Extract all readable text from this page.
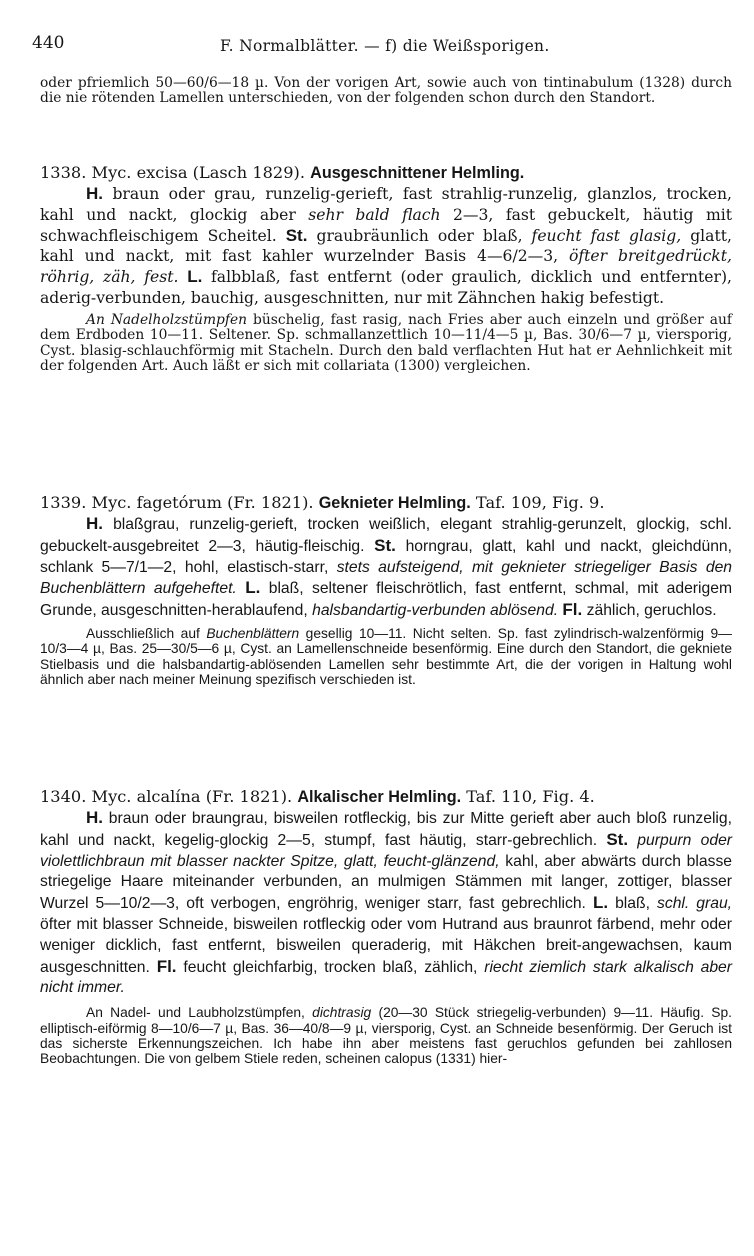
440	F. Normalblätter. — f) die Weißsporigen.

oder pfriemlich 50—60/6—18 µ. Von der vorigen Art, sowie auch von tintinabulum (1328) durch die nie rötenden Lamellen unterschieden, von der folgenden schon durch den Standort.

1338. Myc. excisa (Lasch 1829). Ausgeschnittener Helmling.

H. braun oder grau, runzelig-gerieft, fast strahlig-runzelig, glanzlos, trocken, kahl und nackt, glockig aber sehr bald flach 2—3, fast gebuckelt, häutig mit schwachfleischigem Scheitel. St. graubräunlich oder blaß, feucht fast glasig, glatt, kahl und nackt, mit fast kahler wurzelnder Basis 4—6/2—3, öfter breitgedrückt, röhrig, zäh, fest. L. falbblaß, fast entfernt (oder graulich, dicklich und entfernter), aderig-verbunden, bauchig, ausgeschnitten, nur mit Zähnchen hakig befestigt.

An Nadelholzstümpfen büschelig, fast rasig, nach Fries aber auch einzeln und größer auf dem Erdboden 10—11. Seltener. Sp. schmallanzettlich 10—11/4—5 µ, Bas. 30/6—7 µ, viersporig, Cyst. blasig-schlauchförmig mit Stacheln. Durch den bald verflachten Hut hat er Aehnlichkeit mit der folgenden Art. Auch läßt er sich mit collariata (1300) vergleichen.

1339. Myc. fagetórum (Fr. 1821). Geknieter Helmling. Taf. 109, Fig. 9.

H. blaßgrau, runzelig-gerieft, trocken weißlich, elegant strahlig-gerunzelt, glockig, schl. gebuckelt-ausgebreitet 2—3, häutig-fleischig. St. horngrau, glatt, kahl und nackt, gleichdünn, schlank 5—7/1—2, hohl, elastisch-starr, stets aufsteigend, mit geknieter striegeliger Basis den Buchenblättern aufgeheftet. L. blaß, seltener fleischrötlich, fast entfernt, schmal, mit aderigem Grunde, ausgeschnitten-herablaufend, halsbandartig-verbunden ablösend. Fl. zählich, geruchlos.

Ausschließlich auf Buchenblättern gesellig 10—11. Nicht selten. Sp. fast zylindrisch-walzenförmig 9—10/3—4 µ, Bas. 25—30/5—6 µ, Cyst. an Lamellenschneide besenförmig. Eine durch den Standort, die gekniete Stielbasis und die halsbandartig-ablösenden Lamellen sehr bestimmte Art, die der vorigen in Haltung wohl ähnlich aber nach meiner Meinung spezifisch verschieden ist.

1340. Myc. alcalína (Fr. 1821). Alkalischer Helmling. Taf. 110, Fig. 4.

H. braun oder braungrau, bisweilen rotfleckig, bis zur Mitte gerieft aber auch bloß runzelig, kahl und nackt, kegelig-glockig 2—5, stumpf, fast häutig, starr-gebrechlich. St. purpurn oder violettlichbraun mit blasser nackter Spitze, glatt, feucht-glänzend, kahl, aber abwärts durch blasse striegelige Haare miteinander verbunden, an mulmigen Stämmen mit langer, zottiger, blasser Wurzel 5—10/2—3, oft verbogen, engröhrig, weniger starr, fast gebrechlich. L. blaß, schl. grau, öfter mit blasser Schneide, bisweilen rotfleckig oder vom Hutrand aus braunrot färbend, mehr oder weniger dicklich, fast entfernt, bisweilen queraderig, mit Häkchen breit-angewachsen, kaum ausgeschnitten. Fl. feucht gleichfarbig, trocken blaß, zählich, riecht ziemlich stark alkalisch aber nicht immer.

An Nadel- und Laubholzstümpfen, dichtrasig (20—30 Stück striegelig-verbunden) 9—11. Häufig. Sp. elliptisch-eiförmig 8—10/6—7 µ, Bas. 36—40/8—9 µ, viersporig, Cyst. an Schneide besenförmig. Der Geruch ist das sicherste Erkennungszeichen. Ich habe ihn aber meistens fast geruchlos gefunden bei zahllosen Beobachtungen. Die von gelbem Stiele reden, scheinen calopus (1331) hier-
